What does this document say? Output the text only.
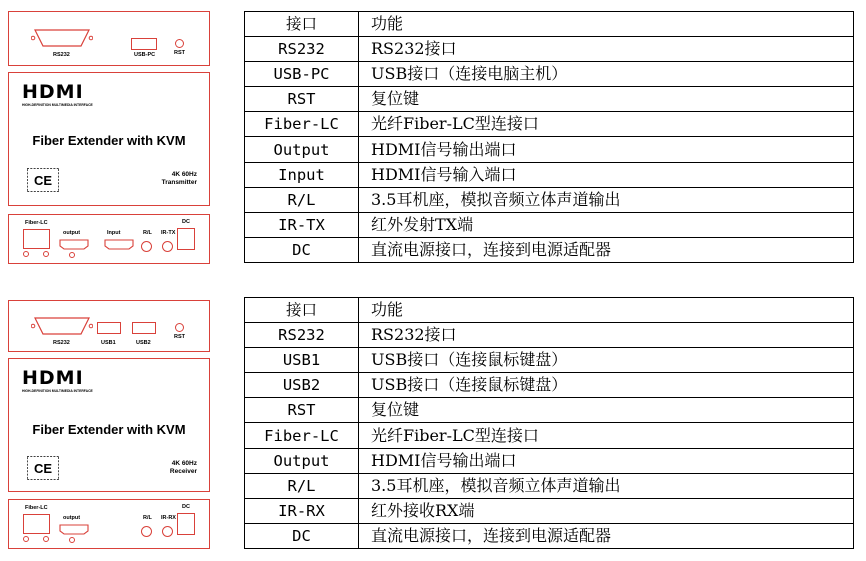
RS232	USB-PC	RST
HDMI
HIGH-DEFINITION MULTIMEDIA INTERFACE
Fiber Extender with KVM
CE	4K 60Hz
Transmitter
Fiber-LC
output	Input	R/L IR-TX
DC
接口	功能
RS232	RS232接口
USB-PC	USB接口（连接电脑主机）
RST	复位键
Fiber-LC	光纤Fiber-LC型连接口
Output	HDMI信号输出端口
Input	HDMI信号输入端口
R/L	3.5耳机座，模拟音频立体声道输出
IR-TX	红外发射TX端
DC	直流电源接口，连接到电源适配器
RS232	USB1	USB2
RST
HDMI
HIGH-DEFINITION MULTIMEDIA INTERFACE
Fiber Extender with KVM
CE	4K 60Hz
Receiver
Fiber-LC
output	R/L IR-RX
DC
接口	功能
RS232	RS232接口
USB1	USB接口（连接鼠标键盘）
USB2	USB接口（连接鼠标键盘）
RST	复位键
Fiber-LC	光纤Fiber-LC型连接口
Output	HDMI信号输出端口
R/L	3.5耳机座，模拟音频立体声道输出
IR-RX	红外接收RX端
DC	直流电源接口，连接到电源适配器
